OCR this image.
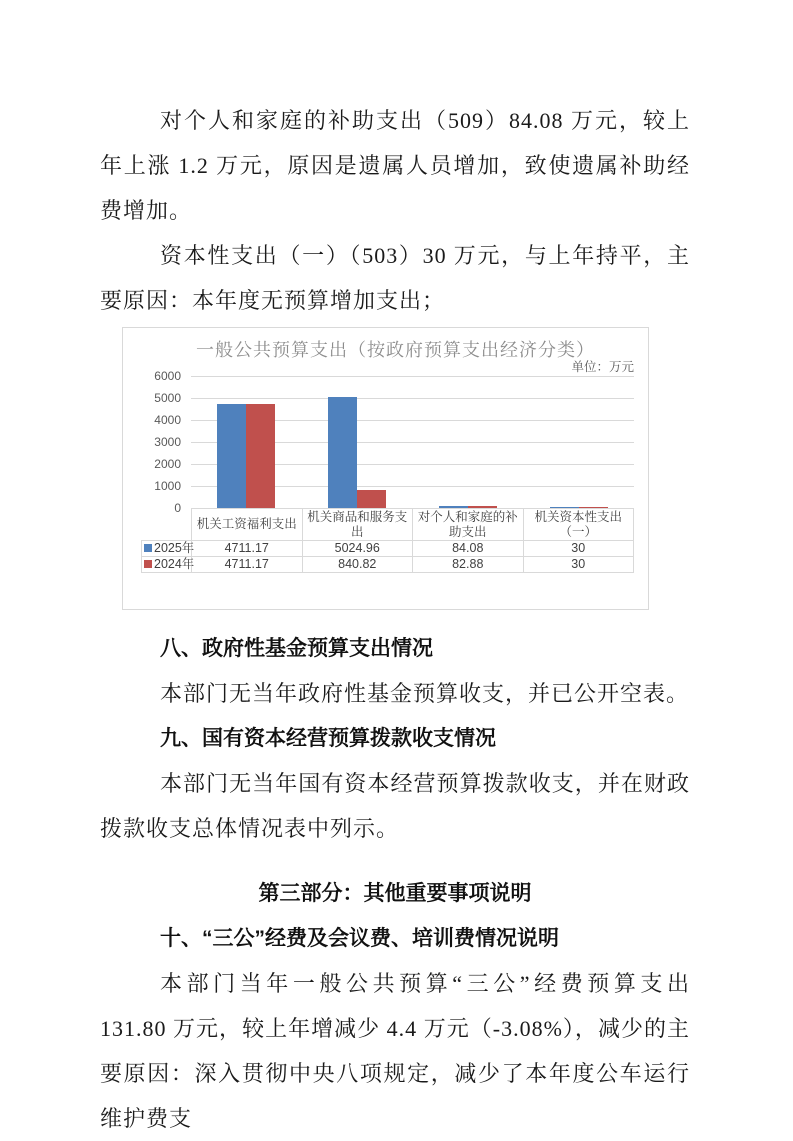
对个人和家庭的补助支出（509）84.08 万元，较上年上涨 1.2 万元，原因是遗属人员增加，致使遗属补助经费增加。

资本性支出（一）（503）30 万元，与上年持平，主要原因：本年度无预算增加支出；

一般公共预算支出（按政府预算支出经济分类）
单位：万元
	机关工资福利支出	机关商品和服务支出	对个人和家庭的补助支出	机关资本性支出（一）
2025年	4711.17	5024.96	84.08	30
2024年	4711.17	840.82	82.88	30
6000
5000
4000
3000
2000
1000
0
八、政府性基金预算支出情况

本部门无当年政府性基金预算收支，并已公开空表。

九、国有资本经营预算拨款收支情况

本部门无当年国有资本经营预算拨款收支，并在财政拨款收支总体情况表中列示。

第三部分：其他重要事项说明
十、“三公”经费及会议费、培训费情况说明

本部门当年一般公共预算“三公”经费预算支出 131.80 万元，较上年增减少 4.4 万元（-3.08%），减少的主要原因：深入贯彻中央八项规定，减少了本年度公车运行维护费支
